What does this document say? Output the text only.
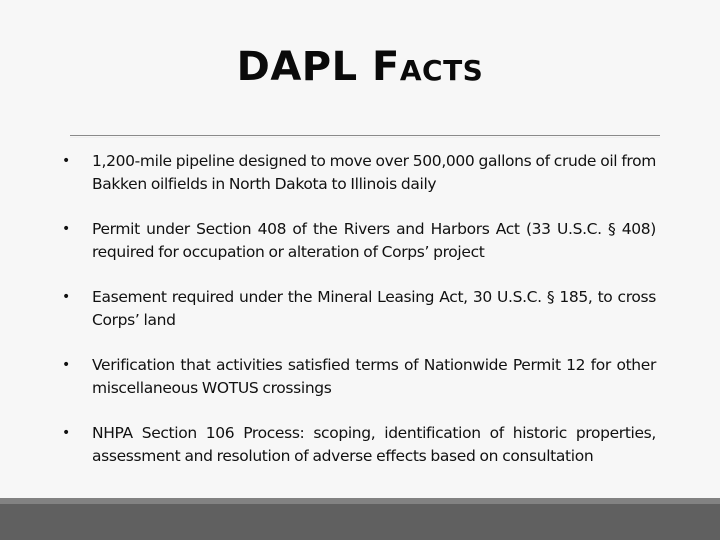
DAPL Facts
• 1,200-mile pipeline designed to move over 500,000 gallons of crude oil from Bakken oilfields in North Dakota to Illinois daily
• Permit under Section 408 of the Rivers and Harbors Act (33 U.S.C. § 408) required for occupation or alteration of Corps’ project
• Easement required under the Mineral Leasing Act, 30 U.S.C. § 185, to cross Corps’ land
• Verification that activities satisfied terms of Nationwide Permit 12 for other miscellaneous WOTUS crossings
• NHPA Section 106 Process: scoping, identification of historic properties, assessment and resolution of adverse effects based on consultation
